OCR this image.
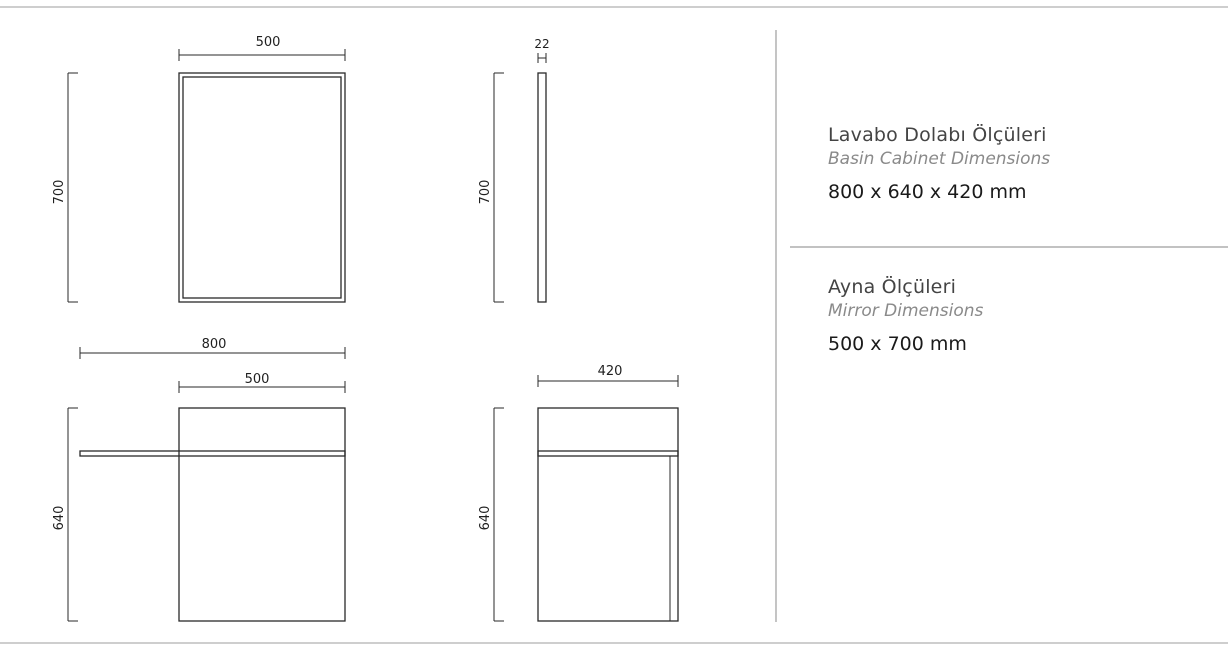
500
700
22
700
800
500
640
420
640
Lavabo Dolabı Ölçüleri
Basin Cabinet Dimensions
800 x 640 x 420 mm
Ayna Ölçüleri
Mirror Dimensions
500 x 700 mm
